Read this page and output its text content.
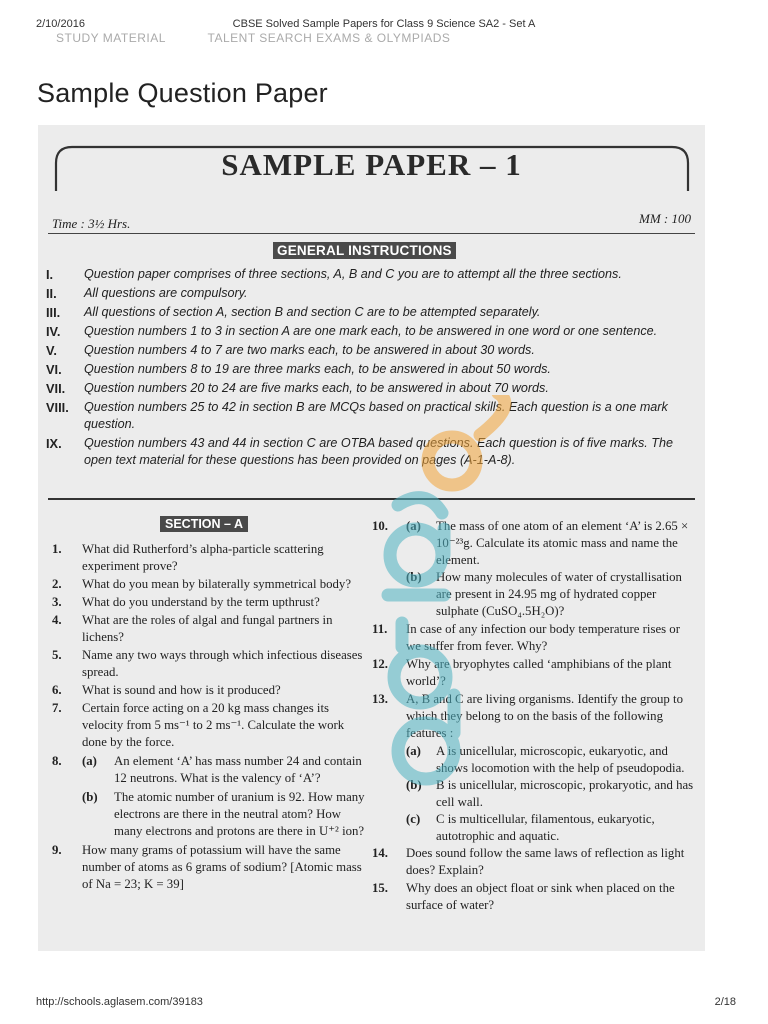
2/10/2016	CBSE Solved Sample Papers for Class 9 Science SA2 - Set A
STUDY MATERIAL	TALENT SEARCH EXAMS & OLYMPIADS
Sample Question Paper
SAMPLE PAPER – 1
Time : 3½ Hrs.	MM : 100
GENERAL INSTRUCTIONS
I. Question paper comprises of three sections, A, B and C you are to attempt all the three sections.
II. All questions are compulsory.
III. All questions of section A, section B and section C are to be attempted separately.
IV. Question numbers 1 to 3 in section A are one mark each, to be answered in one word or one sentence.
V. Question numbers 4 to 7 are two marks each, to be answered in about 30 words.
VI. Question numbers 8 to 19 are three marks each, to be answered in about 50 words.
VII. Question numbers 20 to 24 are five marks each, to be answered in about 70 words.
VIII. Question numbers 25 to 42 in section B are MCQs based on practical skills. Each question is a one mark question.
IX. Question numbers 43 and 44 in section C are OTBA based questions. Each question is of five marks. The open text material for these questions has been provided on pages (A-1-A-8).
SECTION – A
1. What did Rutherford’s alpha-particle scattering experiment prove?
2. What do you mean by bilaterally symmetrical body?
3. What do you understand by the term upthrust?
4. What are the roles of algal and fungal partners in lichens?
5. Name any two ways through which infectious diseases spread.
6. What is sound and how is it produced?
7. Certain force acting on a 20 kg mass changes its velocity from 5 ms⁻¹ to 2 ms⁻¹. Calculate the work done by the force.
8. (a) An element ‘A’ has mass number 24 and contain 12 neutrons. What is the valency of ‘A’?
(b) The atomic number of uranium is 92. How many electrons are there in the neutral atom? How many electrons and protons are there in U⁺² ion?
9. How many grams of potassium will have the same number of atoms as 6 grams of sodium? [Atomic mass of Na = 23; K = 39]
10. (a) The mass of one atom of an element ‘A’ is 2.65 × 10⁻²³g. Calculate its atomic mass and name the element.
(b) How many molecules of water of crystallisation are present in 24.95 mg of hydrated copper sulphate (CuSO₄.5H₂O)?
11. In case of any infection our body temperature rises or we suffer from fever. Why?
12. Why are bryophytes called ‘amphibians of the plant world’?
13. A, B and C are living organisms. Identify the group to which they belong to on the basis of the following features :
(a) A is unicellular, microscopic, eukaryotic, and shows locomotion with the help of pseudopodia.
(b) B is unicellular, microscopic, prokaryotic, and has cell wall.
(c) C is multicellular, filamentous, eukaryotic, autotrophic and aquatic.
14. Does sound follow the same laws of reflection as light does? Explain?
15. Why does an object float or sink when placed on the surface of water?
http://schools.aglasem.com/39183	2/18
